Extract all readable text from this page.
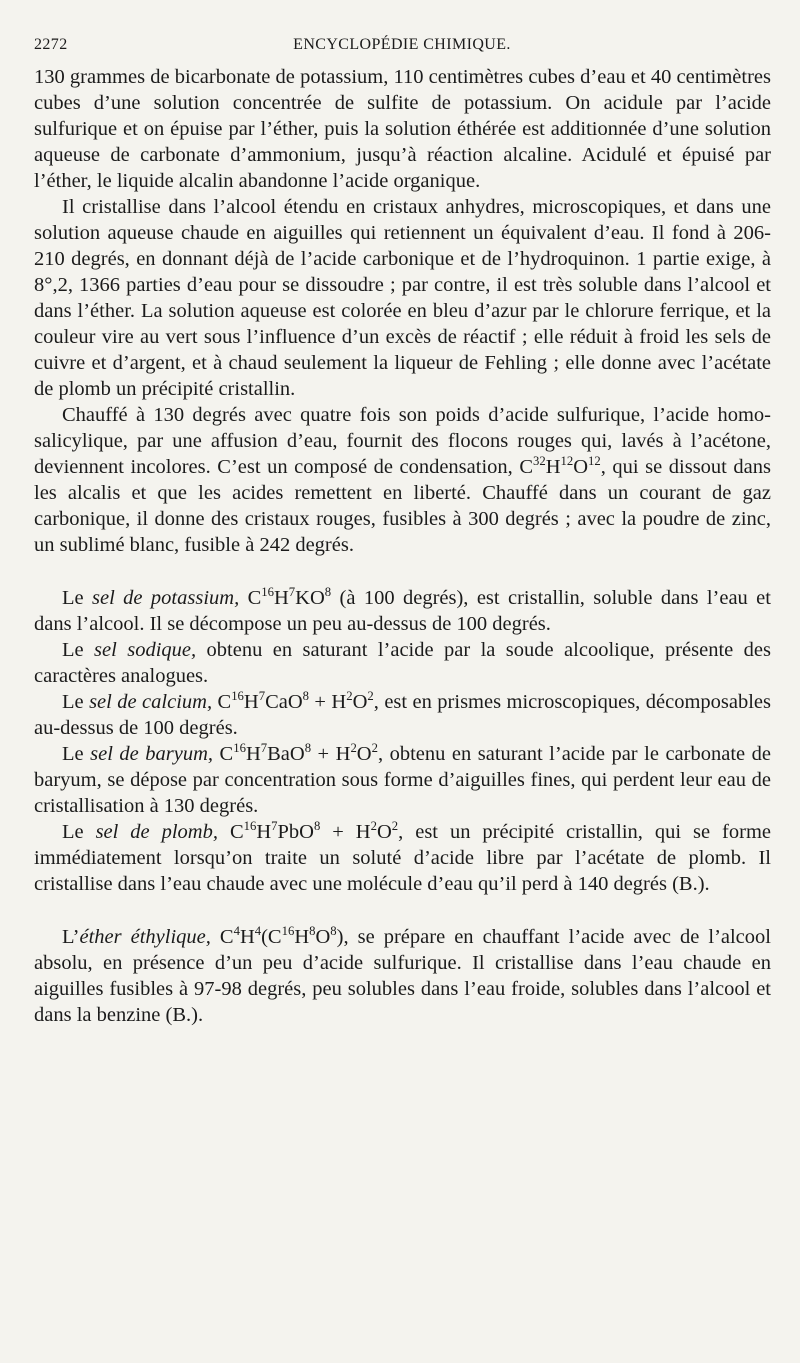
2272	ENCYCLOPÉDIE CHIMIQUE.

130 grammes de bicarbonate de potassium, 110 centimètres cubes d’eau et 40 centimètres cubes d’une solution concentrée de sulfite de potassium. On acidule par l’acide sulfurique et on épuise par l’éther, puis la solution éthérée est additionnée d’une solution aqueuse de carbonate d’ammonium, jusqu’à réaction alcaline. Acidulé et épuisé par l’éther, le liquide alcalin abandonne l’acide organique.

Il cristallise dans l’alcool étendu en cristaux anhydres, microscopiques, et dans une solution aqueuse chaude en aiguilles qui retiennent un équivalent d’eau. Il fond à 206-210 degrés, en donnant déjà de l’acide carbonique et de l’hydroquinon. 1 partie exige, à 8°,2, 1366 parties d’eau pour se dissoudre ; par contre, il est très soluble dans l’alcool et dans l’éther. La solution aqueuse est colorée en bleu d’azur par le chlorure ferrique, et la couleur vire au vert sous l’influence d’un excès de réactif ; elle réduit à froid les sels de cuivre et d’argent, et à chaud seulement la liqueur de Fehling ; elle donne avec l’acétate de plomb un précipité cristallin.

Chauffé à 130 degrés avec quatre fois son poids d’acide sulfurique, l’acide homo-salicylique, par une affusion d’eau, fournit des flocons rouges qui, lavés à l’acétone, deviennent incolores. C’est un composé de condensation, $C^{32}H^{12}O^{12}$, qui se dissout dans les alcalis et que les acides remettent en liberté. Chauffé dans un courant de gaz carbonique, il donne des cristaux rouges, fusibles à 300 degrés ; avec la poudre de zinc, un sublimé blanc, fusible à 242 degrés.

Le sel de potassium, $C^{16}H^7KO^8$ (à 100 degrés), est cristallin, soluble dans l’eau et dans l’alcool. Il se décompose un peu au-dessus de 100 degrés.

Le sel sodique, obtenu en saturant l’acide par la soude alcoolique, présente des caractères analogues.

Le sel de calcium, $C^{16}H^7CaO^8 + H^2O^2$, est en prismes microscopiques, décomposables au-dessus de 100 degrés.

Le sel de baryum, $C^{16}H^7BaO^8 + H^2O^2$, obtenu en saturant l’acide par le carbonate de baryum, se dépose par concentration sous forme d’aiguilles fines, qui perdent leur eau de cristallisation à 130 degrés.

Le sel de plomb, $C^{16}H^7PbO^8 + H^2O^2$, est un précipité cristallin, qui se forme immédiatement lorsqu’on traite un soluté d’acide libre par l’acétate de plomb. Il cristallise dans l’eau chaude avec une molécule d’eau qu’il perd à 140 degrés (B.).

L’éther éthylique, $C^4H^4(C^{16}H^8O^8)$, se prépare en chauffant l’acide avec de l’alcool absolu, en présence d’un peu d’acide sulfurique. Il cristallise dans l’eau chaude en aiguilles fusibles à 97-98 degrés, peu solubles dans l’eau froide, solubles dans l’alcool et dans la benzine (B.).
